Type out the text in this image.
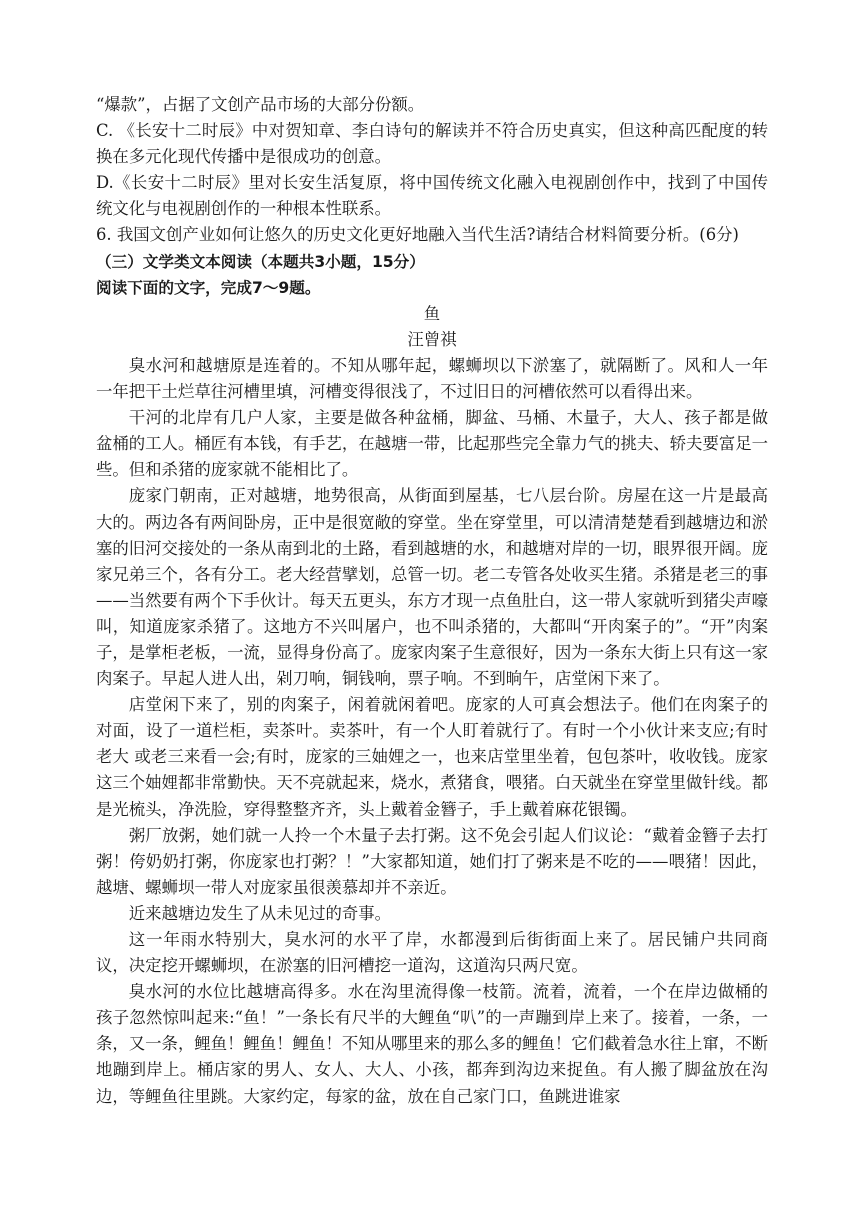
“爆款”，占据了文创产品市场的大部分份额。

C. 《长安十二时辰》中对贺知章、李白诗句的解读并不符合历史真实，但这种高匹配度的转换在多元化现代传播中是很成功的创意。

D.《长安十二时辰》里对长安生活复原，将中国传统文化融入电视剧创作中，找到了中国传统文化与电视剧创作的一种根本性联系。

6. 我国文创产业如何让悠久的历史文化更好地融入当代生活?请结合材料简要分析。(6分)

（三）文学类文本阅读（本题共3小题，15分）

阅读下面的文字，完成7～9题。

鱼

汪曾祺

臭水河和越塘原是连着的。不知从哪年起，螺蛳坝以下淤塞了，就隔断了。风和人一年一年把干土烂草往河槽里填，河槽变得很浅了，不过旧日的河槽依然可以看得出来。

干河的北岸有几户人家，主要是做各种盆桶，脚盆、马桶、木量子，大人、孩子都是做盆桶的工人。桶匠有本钱，有手艺，在越塘一带，比起那些完全靠力气的挑夫、轿夫要富足一些。但和杀猪的庞家就不能相比了。

庞家门朝南，正对越塘，地势很高，从街面到屋基，七八层台阶。房屋在这一片是最高大的。两边各有两间卧房，正中是很宽敞的穿堂。坐在穿堂里，可以清清楚楚看到越塘边和淤塞的旧河交接处的一条从南到北的土路，看到越塘的水，和越塘对岸的一切，眼界很开阔。庞家兄弟三个，各有分工。老大经营擘划，总管一切。老二专管各处收买生猪。杀猪是老三的事——当然要有两个下手伙计。每天五更头，东方才现一点鱼肚白，这一带人家就听到猪尖声嚎叫，知道庞家杀猪了。这地方不兴叫屠户，也不叫杀猪的，大都叫“开肉案子的”。“开”肉案子，是掌柜老板，一流，显得身份高了。庞家肉案子生意很好，因为一条东大街上只有这一家肉案子。早起人进人出，剁刀响，铜钱响，票子响。不到晌午，店堂闲下来了。

店堂闲下来了，别的肉案子，闲着就闲着吧。庞家的人可真会想法子。他们在肉案子的对面，设了一道栏柜，卖茶叶。卖茶叶，有一个人盯着就行了。有时一个小伙计来支应;有时老大 或老三来看一会;有时，庞家的三妯娌之一，也来店堂里坐着，包包茶叶，收收钱。庞家这三个妯娌都非常勤快。天不亮就起来，烧水，煮猪食，喂猪。白天就坐在穿堂里做针线。都是光梳头，净洗脸，穿得整整齐齐，头上戴着金簪子，手上戴着麻花银镯。

粥厂放粥，她们就一人拎一个木量子去打粥。这不免会引起人们议论：“戴着金簪子去打粥！侉奶奶打粥，你庞家也打粥？！”大家都知道，她们打了粥来是不吃的——喂猪！因此，越塘、螺蛳坝一带人对庞家虽很羡慕却并不亲近。

近来越塘边发生了从未见过的奇事。

这一年雨水特别大，臭水河的水平了岸，水都漫到后街街面上来了。居民铺户共同商议，决定挖开螺蛳坝，在淤塞的旧河槽挖一道沟，这道沟只两尺宽。

臭水河的水位比越塘高得多。水在沟里流得像一枝箭。流着，流着，一个在岸边做桶的孩子忽然惊叫起来:“鱼！”一条长有尺半的大鲤鱼“叭”的一声蹦到岸上来了。接着，一条，一条，又一条，鲤鱼！鲤鱼！鲤鱼！不知从哪里来的那么多的鲤鱼！它们截着急水往上窜，不断地蹦到岸上。桶店家的男人、女人、大人、小孩，都奔到沟边来捉鱼。有人搬了脚盆放在沟边，等鲤鱼往里跳。大家约定，每家的盆，放在自己家门口，鱼跳进谁家
